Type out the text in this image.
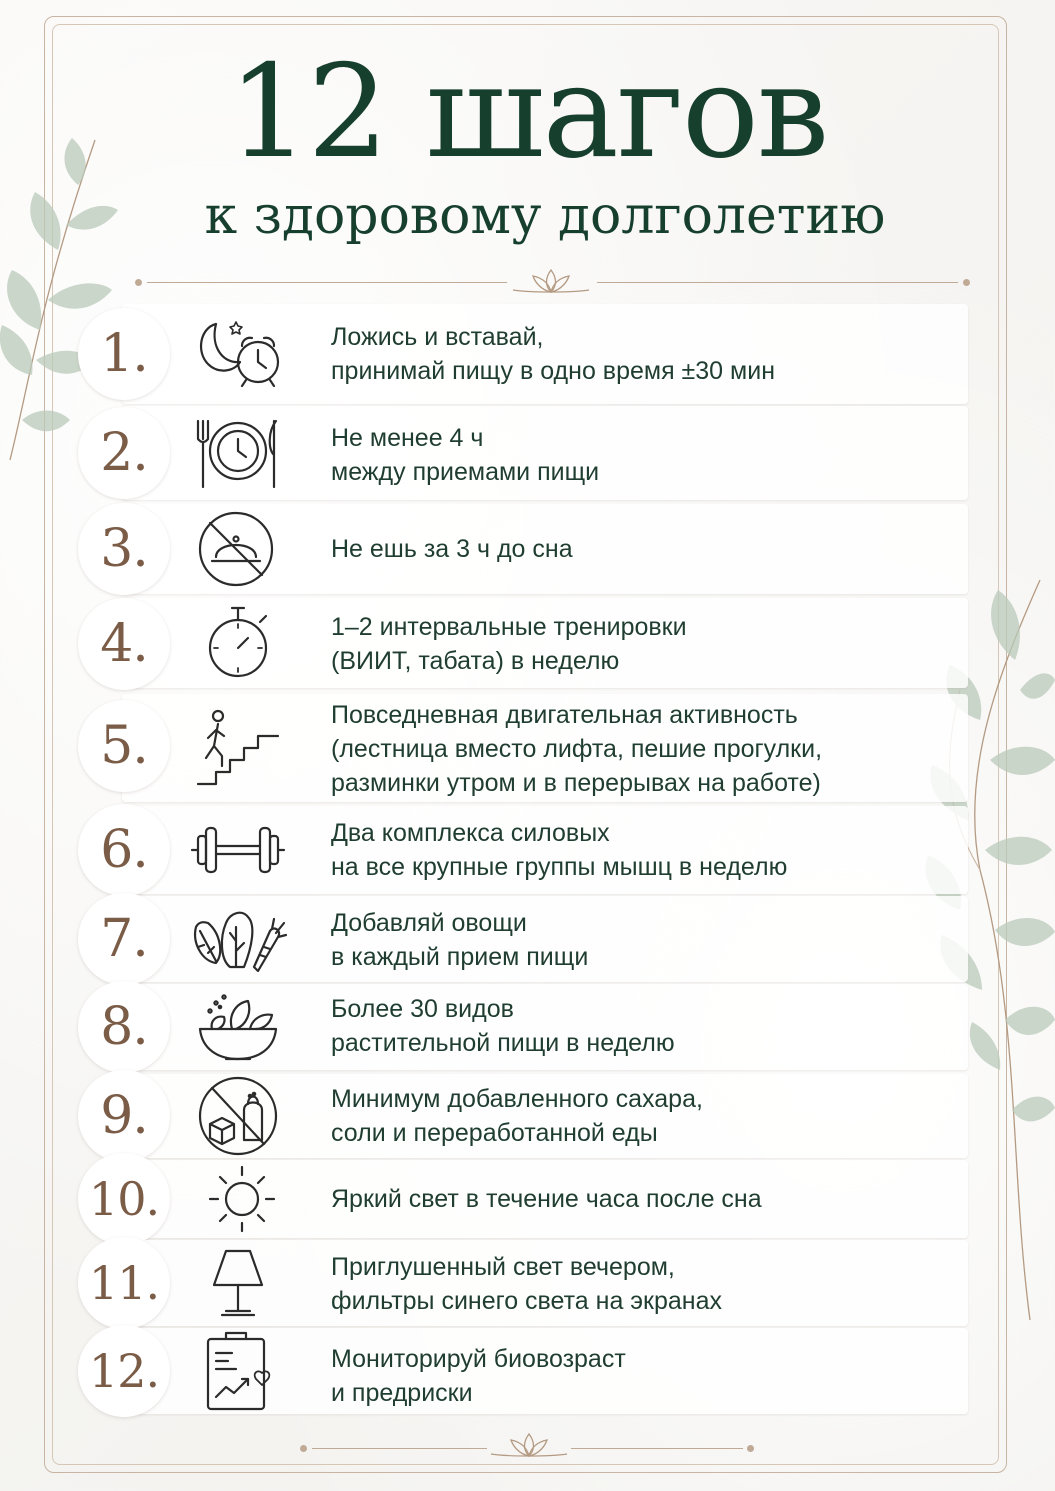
12 шагов
к здоровому долголетию
1.	Ложись и вставай,
принимай пищу в одно время ±30 мин
2.	Не менее 4 ч
между приемами пищи
3.	Не ешь за 3 ч до сна
4.	1–2 интервальные тренировки
(ВИИТ, табата) в неделю
5.
Повседневная двигательная активность
(лестница вместо лифта, пешие прогулки,
разминки утром и в перерывах на работе)
6.	Два комплекса силовых
на все крупные группы мышц в неделю
7.	Добавляй овощи
в каждый прием пищи
8.	Более 30 видов
растительной пищи в неделю
9.	Минимум добавленного сахара,
соли и переработанной еды
10.	Яркий свет в течение часа после сна
11.	Приглушенный свет вечером,
фильтры синего света на экранах
12.	Мониторируй биовозраст
и предриски
